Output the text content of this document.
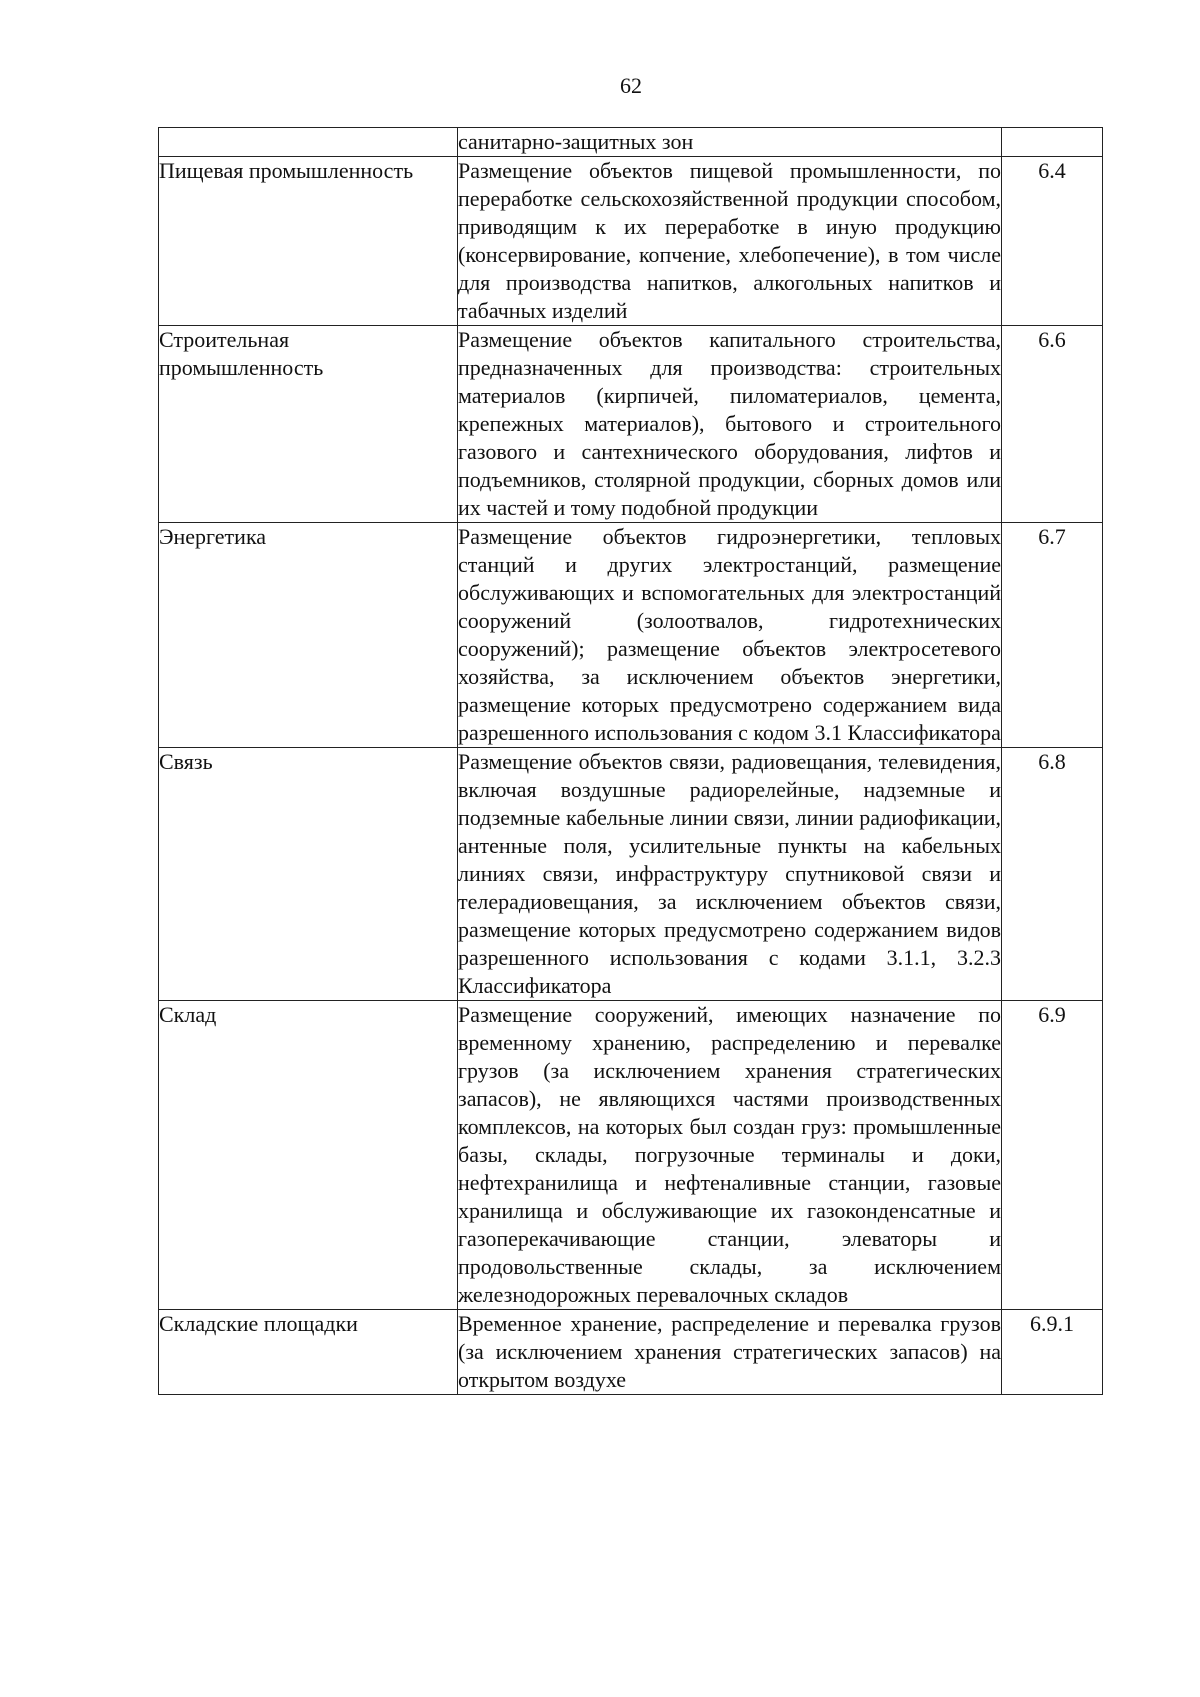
62
	санитарно-защитных зон	
Пищевая промышленность	Размещение объектов пищевой промышленности, по переработке сельскохозяйственной продукции способом, приводящим к их переработке в иную продукцию (консервирование, копчение, хлебопечение), в том числе для производства напитков, алкогольных напитков и табачных изделий	6.4
Строительная промышленность	Размещение объектов капитального строительства, предназначенных для производства: строительных материалов (кирпичей, пиломатериалов, цемента, крепежных материалов), бытового и строительного газового и сантехнического оборудования, лифтов и подъемников, столярной продукции, сборных домов или их частей и тому подобной продукции	6.6
Энергетика	Размещение объектов гидроэнергетики, тепловых станций и других электростанций, размещение обслуживающих и вспомогательных для электростанций сооружений (золоотвалов, гидротехнических сооружений); размещение объектов электросетевого хозяйства, за исключением объектов энергетики, размещение которых предусмотрено содержанием вида разрешенного использования с кодом 3.1 Классификатора	6.7
Связь	Размещение объектов связи, радиовещания, телевидения, включая воздушные радиорелейные, надземные и подземные кабельные линии связи, линии радиофикации, антенные поля, усилительные пункты на кабельных линиях связи, инфраструктуру спутниковой связи и телерадиовещания, за исключением объектов связи, размещение которых предусмотрено содержанием видов разрешенного использования с кодами 3.1.1, 3.2.3 Классификатора	6.8
Склад	Размещение сооружений, имеющих назначение по временному хранению, распределению и перевалке грузов (за исключением хранения стратегических запасов), не являющихся частями производственных комплексов, на которых был создан груз: промышленные базы, склады, погрузочные терминалы и доки, нефтехранилища и нефтеналивные станции, газовые хранилища и обслуживающие их газоконденсатные и газоперекачивающие станции, элеваторы и продовольственные склады, за исключением железнодорожных перевалочных складов	6.9
Складские площадки	Временное хранение, распределение и перевалка грузов (за исключением хранения стратегических запасов) на открытом воздухе	6.9.1
